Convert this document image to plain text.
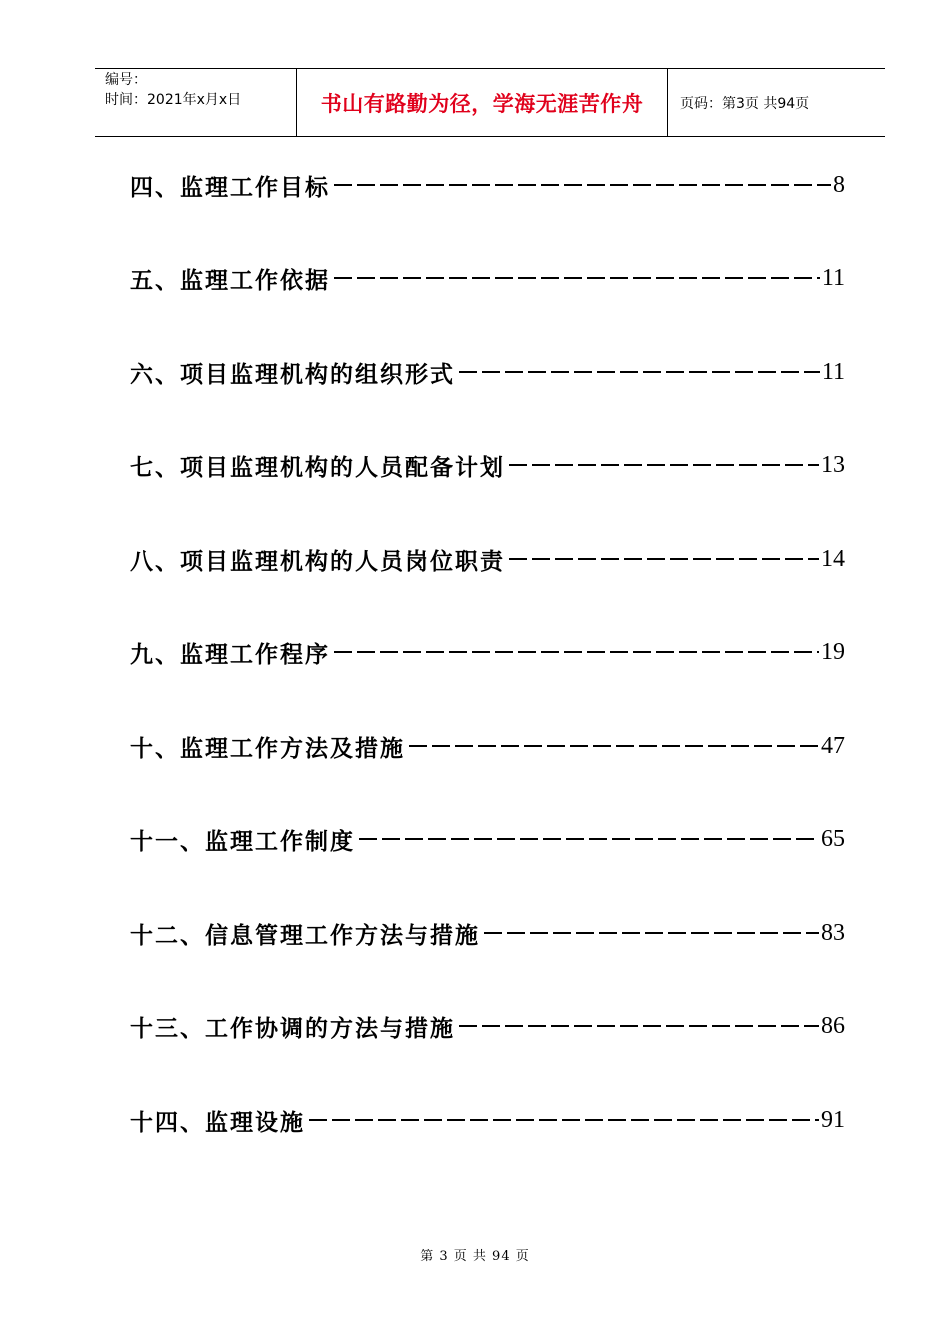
编号：
时间：2021年x月x日	书山有路勤为径，学海无涯苦作舟	页码：第3页 共94页
四、监理工作目标	8
五、监理工作依据	11
六、项目监理机构的组织形式	11
七、项目监理机构的人员配备计划	13
八、项目监理机构的人员岗位职责	14
九、监理工作程序	19
十、监理工作方法及措施	47
十一、监理工作制度	65
十二、信息管理工作方法与措施	83
十三、工作协调的方法与措施	86
十四、监理设施	91
第 3 页 共 94 页
